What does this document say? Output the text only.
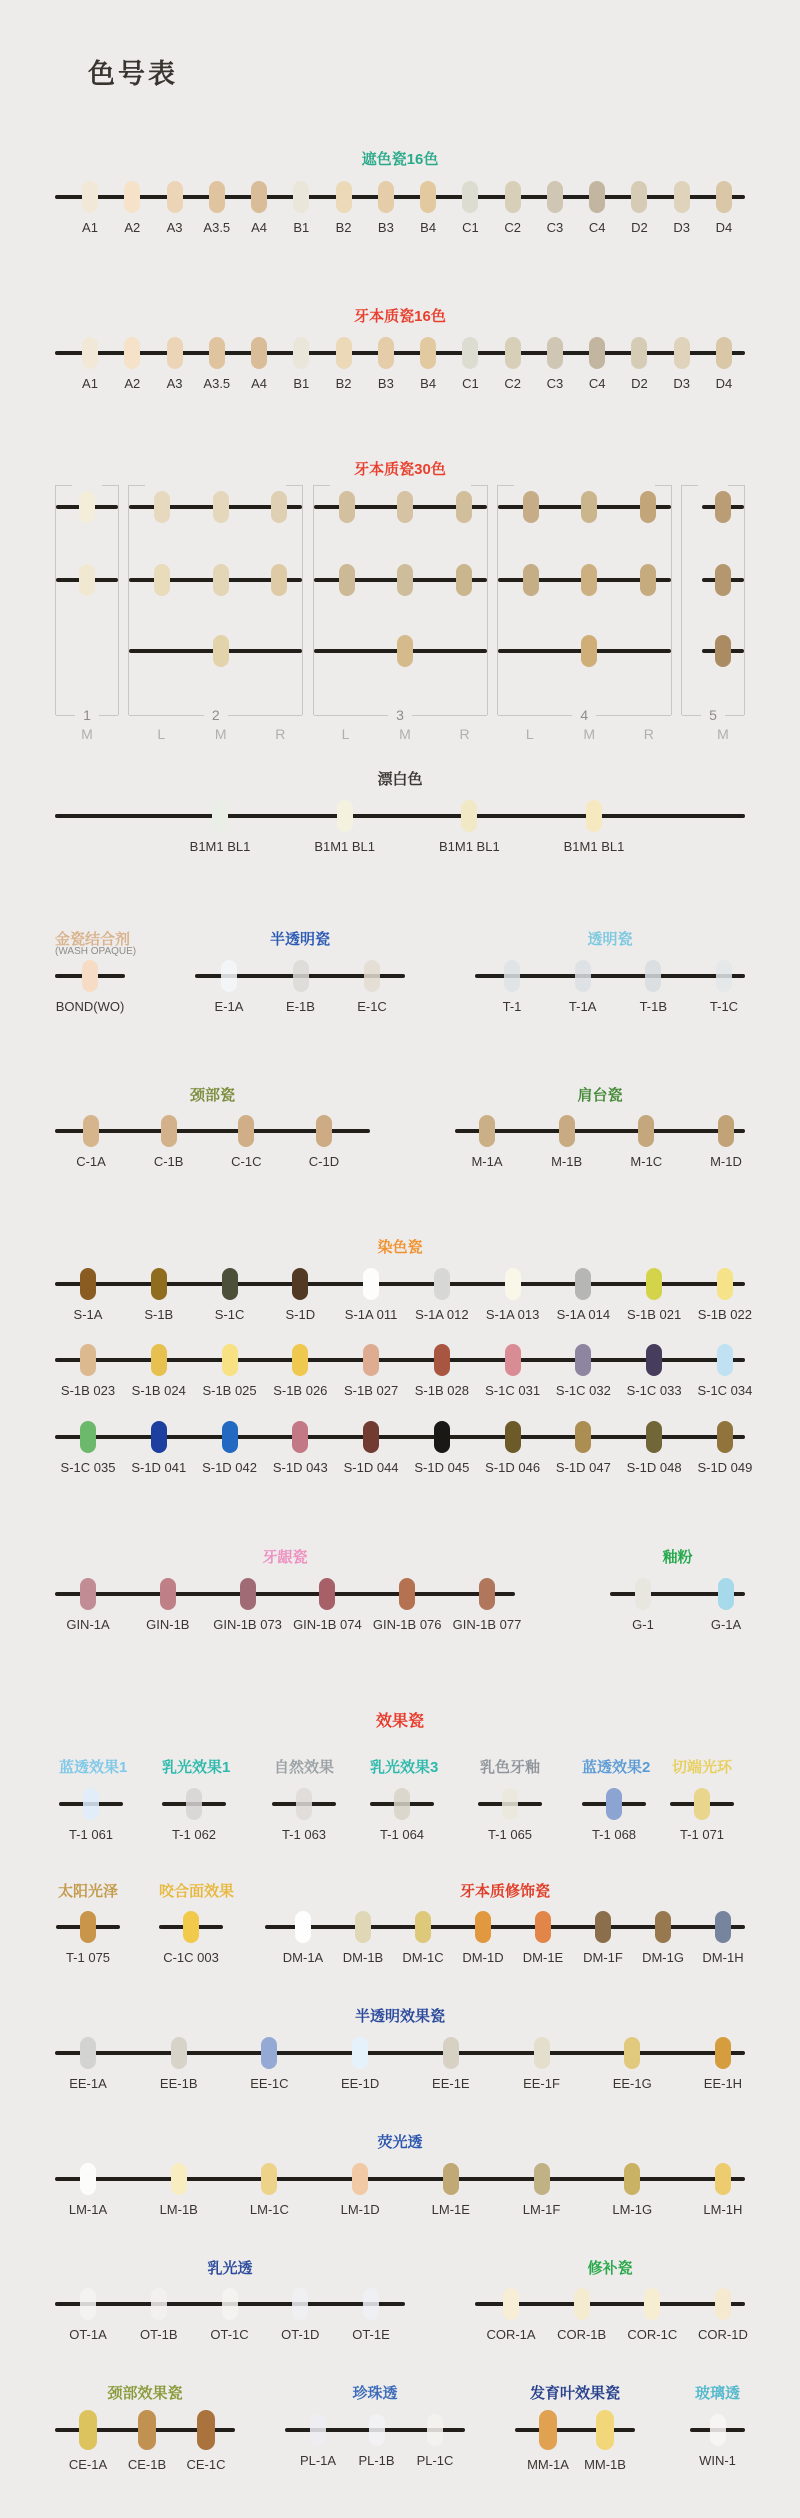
色号表
遮色瓷16色
A1 A2 A3 A3.5 A4 B1 B2 B3 B4 C1 C2 C3 C4 D2 D3 D4
牙本质瓷16色
A1 A2 A3 A3.5 A4 B1 B2 B3 B4 C1 C2 C3 C4 D2 D3 D4
牙本质瓷30色
1
M
2
L	M	R
3
L	M	R
4
L	M	R
5
M
漂白色
B1M1 BL1	B1M1 BL1	B1M1 BL1	B1M1 BL1
金瓷结合剂
(WASH OPAQUE)
BOND(WO)
半透明瓷
E-1A	E-1B	E-1C
透明瓷
T-1	T-1A	T-1B	T-1C
颈部瓷
C-1A	C-1B	C-1C	C-1D
肩台瓷
M-1A	M-1B	M-1C	M-1D
染色瓷
S-1A	S-1B	S-1C	S-1D S-1A 011 S-1A 012 S-1A 013 S-1A 014 S-1B 021 S-1B 022
S-1B 023 S-1B 024 S-1B 025 S-1B 026 S-1B 027 S-1B 028 S-1C 031 S-1C 032 S-1C 033 S-1C 034
S-1C 035 S-1D 041 S-1D 042 S-1D 043 S-1D 044 S-1D 045 S-1D 046 S-1D 047 S-1D 048 S-1D 049
牙龈瓷
GIN-1A	GIN-1B GIN-1B 073 GIN-1B 074 GIN-1B 076 GIN-1B 077
釉粉
G-1	G-1A
效果瓷
蓝透效果1
T-1 061
乳光效果1
T-1 062
自然效果
T-1 063
乳光效果3
T-1 064
乳色牙釉
T-1 065
蓝透效果2
T-1 068
切端光环
T-1 071
太阳光泽
T-1 075
咬合面效果
C-1C 003
牙本质修饰瓷
DM-1A DM-1B DM-1C DM-1D DM-1E DM-1F DM-1G DM-1H
半透明效果瓷
EE-1A	EE-1B	EE-1C	EE-1D	EE-1E	EE-1F	EE-1G	EE-1H
荧光透
LM-1A	LM-1B	LM-1C	LM-1D	LM-1E	LM-1F	LM-1G	LM-1H
乳光透
OT-1A	OT-1B	OT-1C OT-1D	OT-1E
修补瓷
COR-1A COR-1B COR-1C COR-1D
颈部效果瓷
CE-1A CE-1B CE-1C
珍珠透
PL-1A PL-1B PL-1C
发育叶效果瓷
MM-1A MM-1B
玻璃透
WIN-1
